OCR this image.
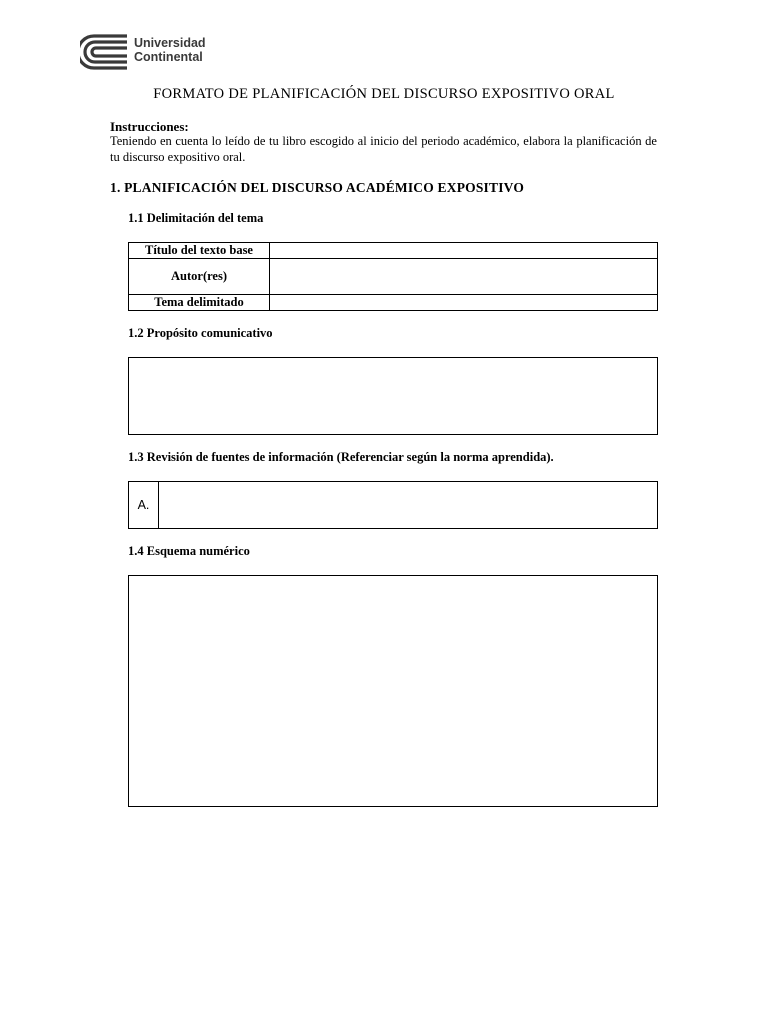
Universidad
Continental
FORMATO DE PLANIFICACIÓN DEL DISCURSO EXPOSITIVO ORAL
Instrucciones:
Teniendo en cuenta lo leído de tu libro escogido al inicio del periodo académico, elabora la planificación de tu discurso expositivo oral.
1. PLANIFICACIÓN DEL DISCURSO ACADÉMICO EXPOSITIVO
1.1 Delimitación del tema
Título del texto base	
Autor(res)	
Tema delimitado	
1.2 Propósito comunicativo
1.3 Revisión de fuentes de información (Referenciar según la norma aprendida).
A.
1.4 Esquema numérico
